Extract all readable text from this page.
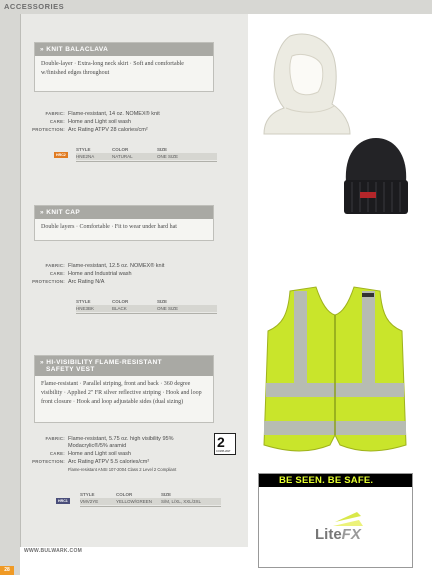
ACCESSORIES
» KNIT BALACLAVA
Double-layer · Extra-long neck skirt · Soft and comfortable w/finished edges throughout
FABRIC: Flame-resistant, 14 oz. NOMEX® knit
CARE: Home and Light soil wash
PROTECTION: Arc Rating ATPV 28 calories/cm²
HRC2
STYLE	COLOR	SIZE
HNE2NA	NATURAL	ONE SIZE
» KNIT CAP
Double layers · Comfortable · Fit to wear under hard hat
FABRIC: Flame-resistant, 12.5 oz. NOMEX® knit
CARE: Home and Industrial wash
PROTECTION: Arc Rating N/A
STYLE	COLOR	SIZE
HNE3BK	BLACK	ONE SIZE
» HI-VISIBILITY FLAME-RESISTANT
SAFETY VEST
Flame-resistant · Parallel striping, front and back · 360 degree visibility · Applied 2" FR silver reflective striping · Hook and loop front closure · Hook and loop adjustable sides (dual sizing)
FABRIC: Flame-resistant, 5.75 oz. high visibility 95%
Modacrylic®/5% aramid
CARE: Home and Light soil wash
PROTECTION: Arc Rating ATPV 5.5 calories/cm²
Flame-resistant ANSI 107-2004 Class 2 Level 2 Compliant
2
COMPLIANT
HRC1
STYLE	COLOR	SIZE
VMV2YE	YELLOW/GREEN	S/M, L/XL, XXL/3XL
BE SEEN. BE SAFE.
LiteFX
WWW.BULWARK.COM
28
